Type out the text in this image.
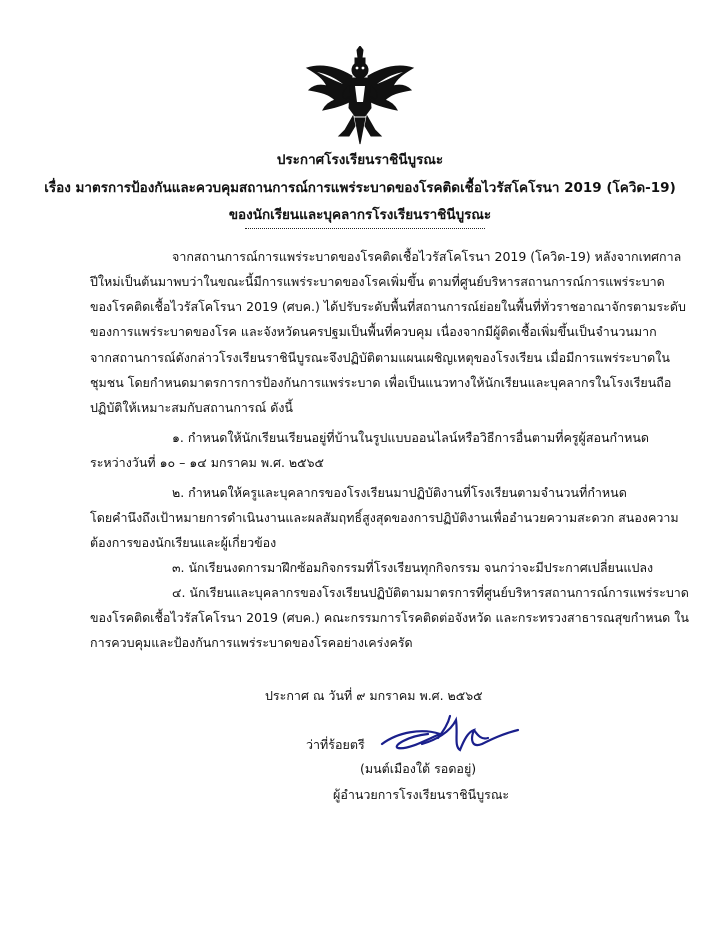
ประกาศโรงเรียนราชินีบูรณะ
เรื่อง มาตรการป้องกันและควบคุมสถานการณ์การแพร่ระบาดของโรคติดเชื้อไวรัสโคโรนา 2019 (โควิด-19)
ของนักเรียนและบุคลากรโรงเรียนราชินีบูรณะ
จากสถานการณ์การแพร่ระบาดของโรคติดเชื้อไวรัสโคโรนา 2019 (โควิด-19) หลังจากเทศกาล
ปีใหม่เป็นต้นมาพบว่าในขณะนี้มีการแพร่ระบาดของโรคเพิ่มขึ้น ตามที่ศูนย์บริหารสถานการณ์การแพร่ระบาด
ของโรคติดเชื้อไวรัสโคโรนา 2019 (ศบค.) ได้ปรับระดับพื้นที่สถานการณ์ย่อยในพื้นที่ทั่วราชอาณาจักรตามระดับ
ของการแพร่ระบาดของโรค และจังหวัดนครปฐมเป็นพื้นที่ควบคุม เนื่องจากมีผู้ติดเชื้อเพิ่มขึ้นเป็นจำนวนมาก
จากสถานการณ์ดังกล่าวโรงเรียนราชินีบูรณะจึงปฏิบัติตามแผนเผชิญเหตุของโรงเรียน เมื่อมีการแพร่ระบาดใน
ชุมชน โดยกำหนดมาตรการการป้องกันการแพร่ระบาด เพื่อเป็นแนวทางให้นักเรียนและบุคลากรในโรงเรียนถือ
ปฏิบัติให้เหมาะสมกับสถานการณ์ ดังนี้
๑. กำหนดให้นักเรียนเรียนอยู่ที่บ้านในรูปแบบออนไลน์หรือวิธีการอื่นตามที่ครูผู้สอนกำหนด
ระหว่างวันที่ ๑๐ – ๑๔ มกราคม พ.ศ. ๒๕๖๕
๒. กำหนดให้ครูและบุคลากรของโรงเรียนมาปฏิบัติงานที่โรงเรียนตามจำนวนที่กำหนด
โดยคำนึงถึงเป้าหมายการดำเนินงานและผลสัมฤทธิ์สูงสุดของการปฏิบัติงานเพื่ออำนวยความสะดวก สนองความ
ต้องการของนักเรียนและผู้เกี่ยวข้อง
๓. นักเรียนงดการมาฝึกซ้อมกิจกรรมที่โรงเรียนทุกกิจกรรม จนกว่าจะมีประกาศเปลี่ยนแปลง
๔. นักเรียนและบุคลากรของโรงเรียนปฏิบัติตามมาตรการที่ศูนย์บริหารสถานการณ์การแพร่ระบาด
ของโรคติดเชื้อไวรัสโคโรนา 2019 (ศบค.) คณะกรรมการโรคติดต่อจังหวัด และกระทรวงสาธารณสุขกำหนด ใน
การควบคุมและป้องกันการแพร่ระบาดของโรคอย่างเคร่งครัด
ประกาศ ณ วันที่ ๙ มกราคม พ.ศ. ๒๕๖๕
ว่าที่ร้อยตรี
(มนต์เมืองใต้ รอดอยู่)
ผู้อำนวยการโรงเรียนราชินีบูรณะ
